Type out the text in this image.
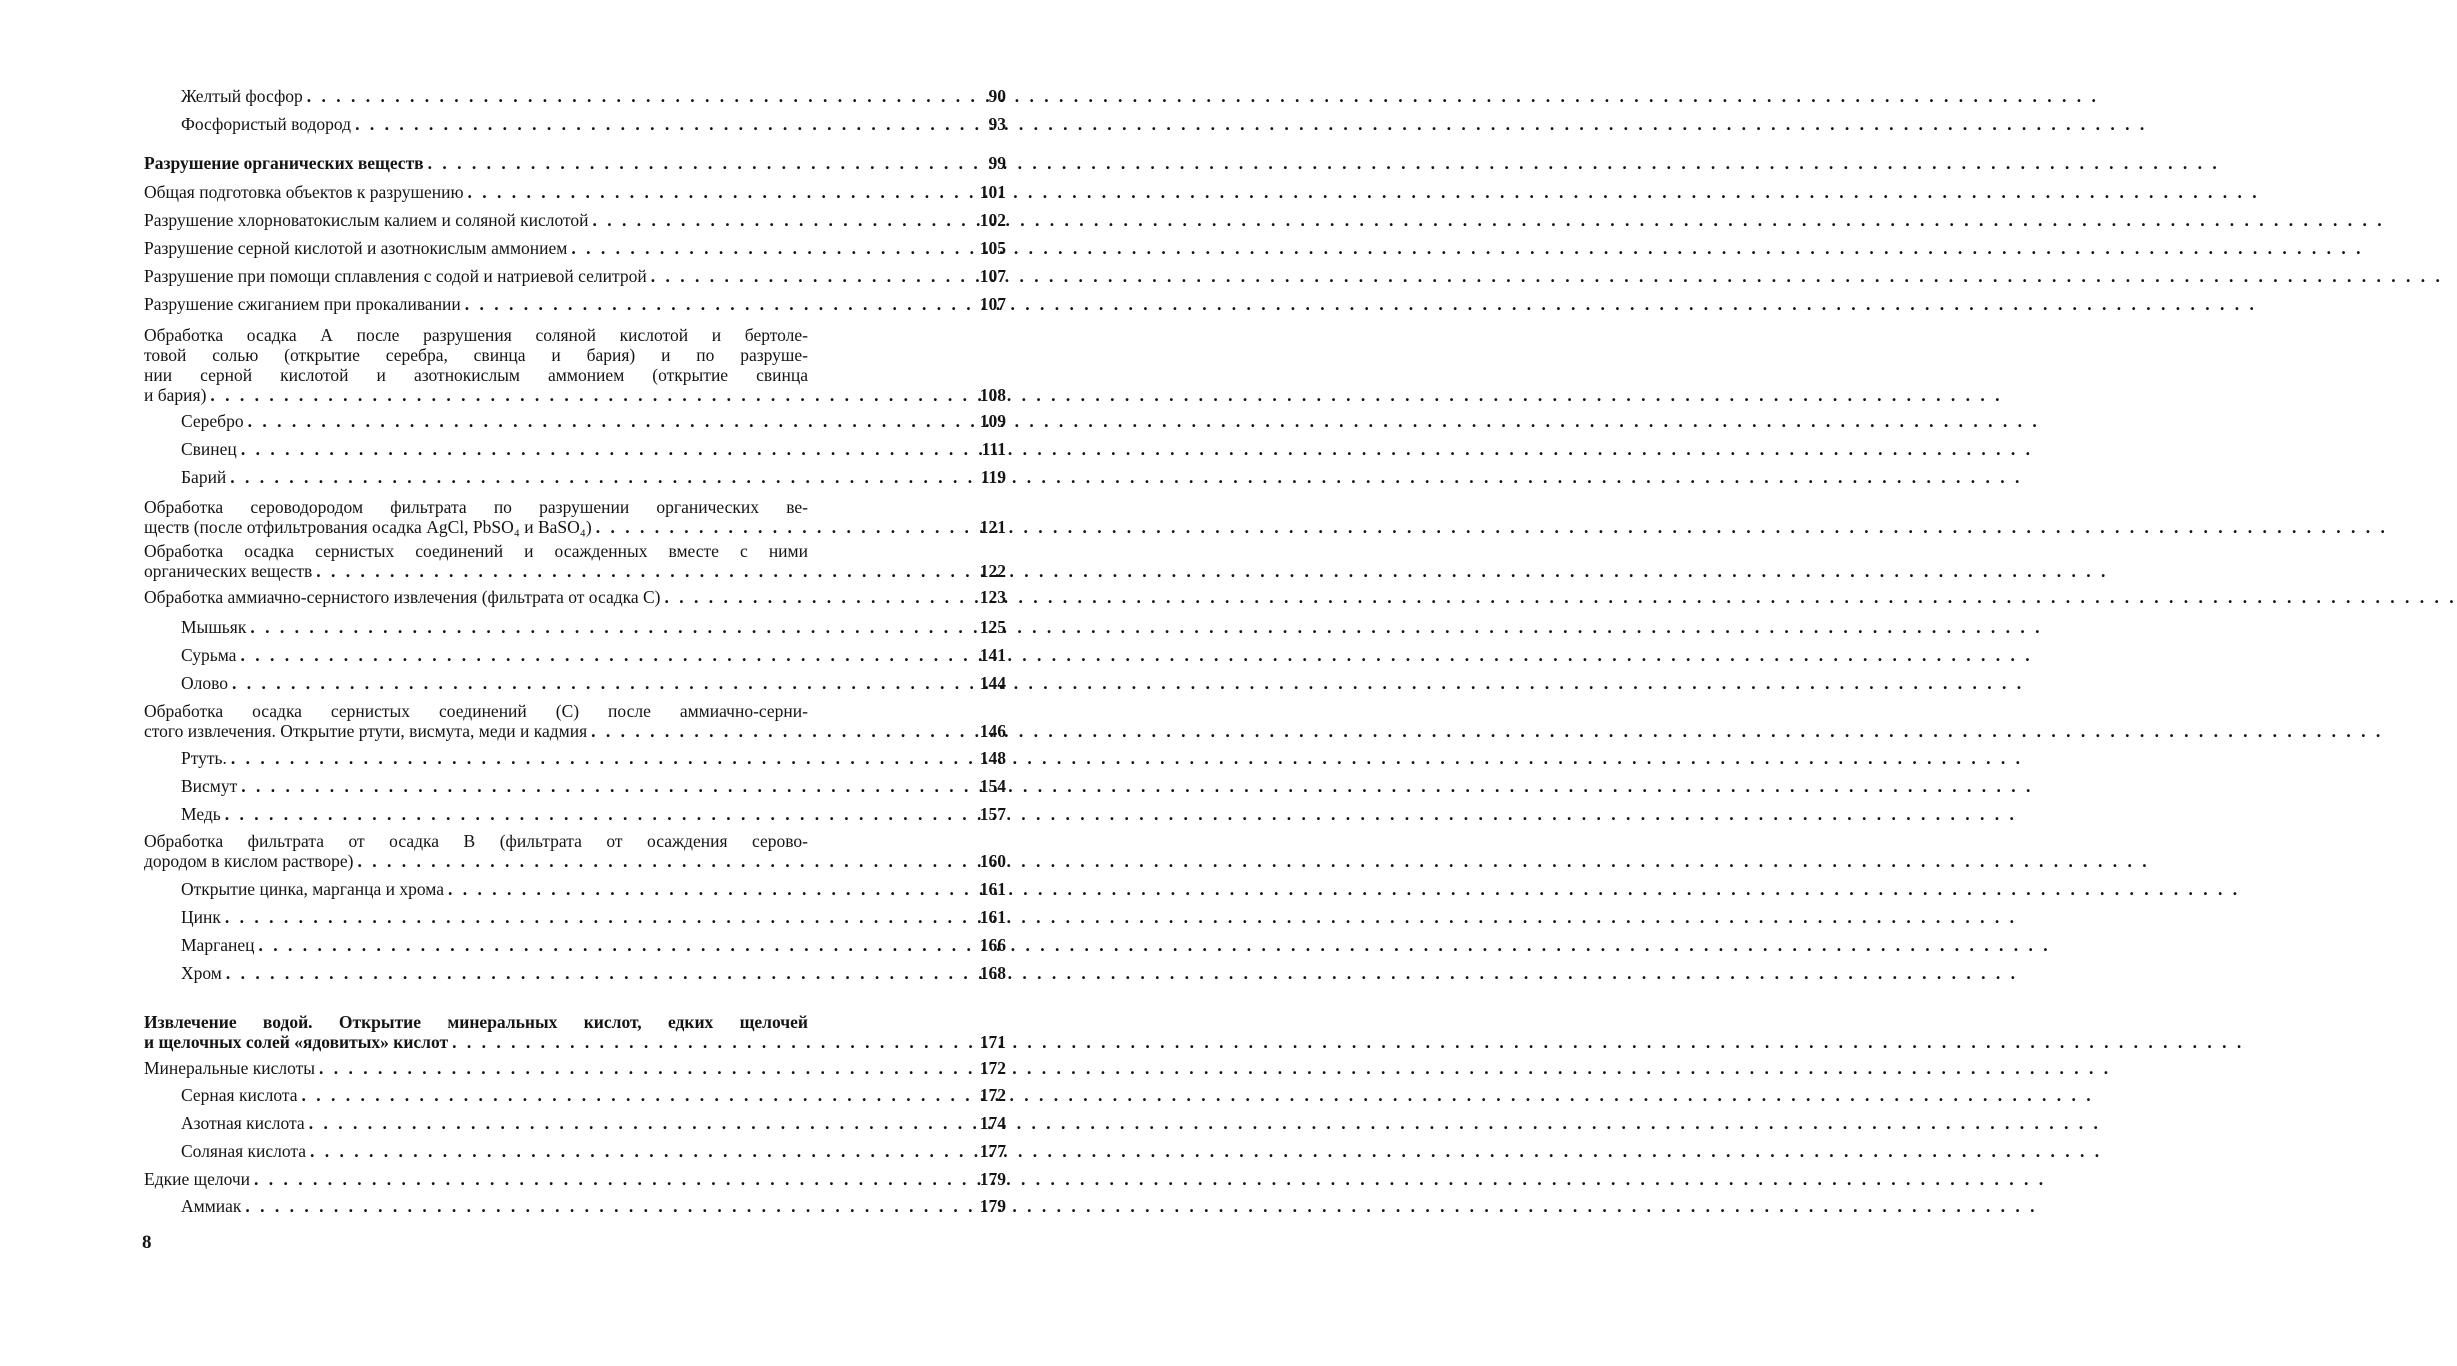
Желтый фосфор . . .	90
Фосфористый водород . . .	93
Разрушение органических веществ . . .	99
Общая подготовка объектов к разрушению . . .	101
Разрушение хлорноватокислым калием и соляной кислотой . . .	102
Разрушение серной кислотой и азотнокислым аммонием . . .	105
Разрушение при помощи сплавления с содой и натриевой селитрой . . .	107
Разрушение сжиганием при прокаливании . . .	107
Обработка осадка А после разрушения соляной кислотой и бертоле-
товой солью (открытие серебра, свинца и бария) и по разруше-
нии серной кислотой и азотнокислым аммонием (открытие свинца
и бария) . . .	108
Серебро . . .	109
Свинец . . .	111
Барий . . .	119
Обработка сероводородом фильтрата по разрушении органических ве-
ществ (после отфильтрования осадка AgCl, PbSO₄ и BaSO₄) . . .	121
Обработка осадка сернистых соединений и осажденных вместе с ними
органических веществ . . .	122
Обработка аммиачно-сернистого извлечения (фильтрата от осадка С) . . .	123
Мышьяк . . .	125
Сурьма . . .	141
Олово . . .	144
Обработка осадка сернистых соединений (С) после аммиачно-серни-
стого извлечения. Открытие ртути, висмута, меди и кадмия . . .	146
Ртуть. . . .	148
Висмут . . .	154
Медь . . .	157
Обработка фильтрата от осадка В (фильтрата от осаждения серово-
дородом в кислом растворе) . . .	160
Открытие цинка, марганца и хрома . . .	161
Цинк . . .	161
Марганец . . .	166
Хром . . .	168
Извлечение водой. Открытие минеральных кислот, едких щелочей
и щелочных солей «ядовитых» кислот . . .	171
Минеральные кислоты . . .	172
Серная кислота . . .	172
Азотная кислота . . .	174
Соляная кислота . . .	177
Едкие щелочи . . .	179
Аммиак . . .	179
8
